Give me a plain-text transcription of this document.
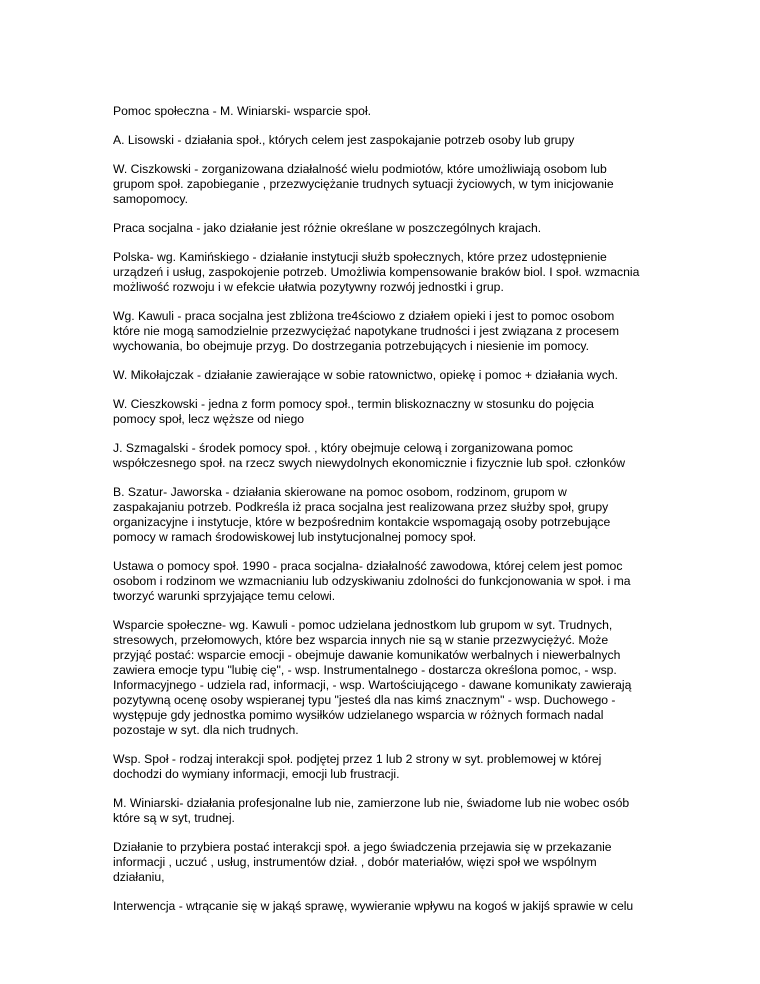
Pomoc społeczna - M. Winiarski- wsparcie społ.

A. Lisowski - działania społ., których celem jest zaspokajanie potrzeb osoby lub grupy

W. Ciszkowski - zorganizowana działalność wielu podmiotów, które umożliwiają osobom lub
grupom społ. zapobieganie , przezwyciężanie trudnych sytuacji życiowych, w tym inicjowanie
samopomocy.

Praca socjalna - jako działanie jest różnie określane w poszczególnych krajach.

Polska- wg. Kamińskiego - działanie instytucji służb społecznych, które przez udostępnienie
urządzeń i usług, zaspokojenie potrzeb. Umożliwia kompensowanie braków biol. I społ. wzmacnia
możliwość rozwoju i w efekcie ułatwia pozytywny rozwój jednostki i grup.

Wg. Kawuli - praca socjalna jest zbliżona tre4ściowo z działem opieki i jest to pomoc osobom
które nie mogą samodzielnie przezwyciężać napotykane trudności i jest związana z procesem
wychowania, bo obejmuje przyg. Do dostrzegania potrzebujących i niesienie im pomocy.

W. Mikołajczak - działanie zawierające w sobie ratownictwo, opiekę i pomoc + działania wych.

W. Cieszkowski - jedna z form pomocy społ., termin bliskoznaczny w stosunku do pojęcia
pomocy społ, lecz węższe od niego

J. Szmagalski - środek pomocy społ. , który obejmuje celową i zorganizowana pomoc
współczesnego społ. na rzecz swych niewydolnych ekonomicznie i fizycznie lub społ. członków

B. Szatur- Jaworska - działania skierowane na pomoc osobom, rodzinom, grupom w
zaspakajaniu potrzeb. Podkreśla iż praca socjalna jest realizowana przez służby społ, grupy
organizacyjne i instytucje, które w bezpośrednim kontakcie wspomagają osoby potrzebujące
pomocy w ramach środowiskowej lub instytucjonalnej pomocy społ.

Ustawa o pomocy społ. 1990 - praca socjalna- działalność zawodowa, której celem jest pomoc
osobom i rodzinom we wzmacnianiu lub odzyskiwaniu zdolności do funkcjonowania w społ. i ma
tworzyć warunki sprzyjające temu celowi.

Wsparcie społeczne- wg. Kawuli - pomoc udzielana jednostkom lub grupom w syt. Trudnych,
stresowych, przełomowych, które bez wsparcia innych nie są w stanie przezwyciężyć. Może
przyjąć postać: wsparcie emocji - obejmuje dawanie komunikatów werbalnych i niewerbalnych
zawiera emocje typu "lubię cię", - wsp. Instrumentalnego - dostarcza określona pomoc, - wsp.
Informacyjnego - udziela rad, informacji, - wsp. Wartościującego - dawane komunikaty zawierają
pozytywną ocenę osoby wspieranej typu "jesteś dla nas kimś znacznym" - wsp. Duchowego -
występuje gdy jednostka pomimo wysiłków udzielanego wsparcia w różnych formach nadal
pozostaje w syt. dla nich trudnych.

Wsp. Społ - rodzaj interakcji społ. podjętej przez 1 lub 2 strony w syt. problemowej w której
dochodzi do wymiany informacji, emocji lub frustracji.

M. Winiarski- działania profesjonalne lub nie, zamierzone lub nie, świadome lub nie wobec osób
które są w syt, trudnej.

Działanie to przybiera postać interakcji społ. a jego świadczenia przejawia się w przekazanie
informacji , uczuć , usług, instrumentów dział. , dobór materiałów, więzi społ we wspólnym
działaniu,

Interwencja - wtrącanie się w jakąś sprawę, wywieranie wpływu na kogoś w jakijś sprawie w celu
